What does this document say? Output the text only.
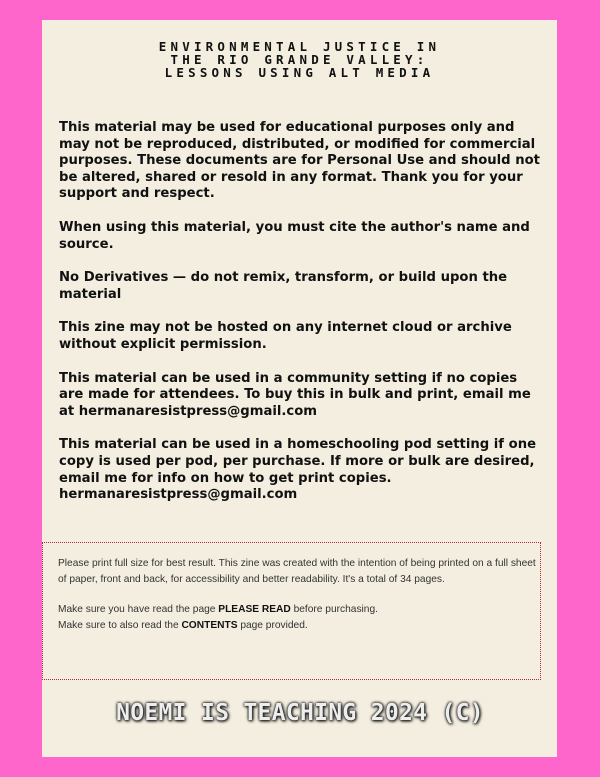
ENVIRONMENTAL JUSTICE IN
THE RIO GRANDE VALLEY:
LESSONS USING ALT MEDIA

This material may be used for educational purposes only and may not be reproduced, distributed, or modified for commercial purposes. These documents are for Personal Use and should not be altered, shared or resold in any format. Thank you for your support and respect.

When using this material, you must cite the author's name and source.

No Derivatives — do not remix, transform, or build upon the material

This zine may not be hosted on any internet cloud or archive without explicit permission.

This material can be used in a community setting if no copies are made for attendees. To buy this in bulk and print, email me at hermanaresistpress@gmail.com

This material can be used in a homeschooling pod setting if one copy is used per pod, per purchase. If more or bulk are desired, email me for info on how to get print copies. hermanaresistpress@gmail.com

Please print full size for best result. This zine was created with the intention of being printed on a full sheet of paper, front and back, for accessibility and better readability. It's a total of 34 pages.

Make sure you have read the page PLEASE READ before purchasing.

Make sure to also read the CONTENTS page provided.

NOEMI IS TEACHING 2024 (C)
